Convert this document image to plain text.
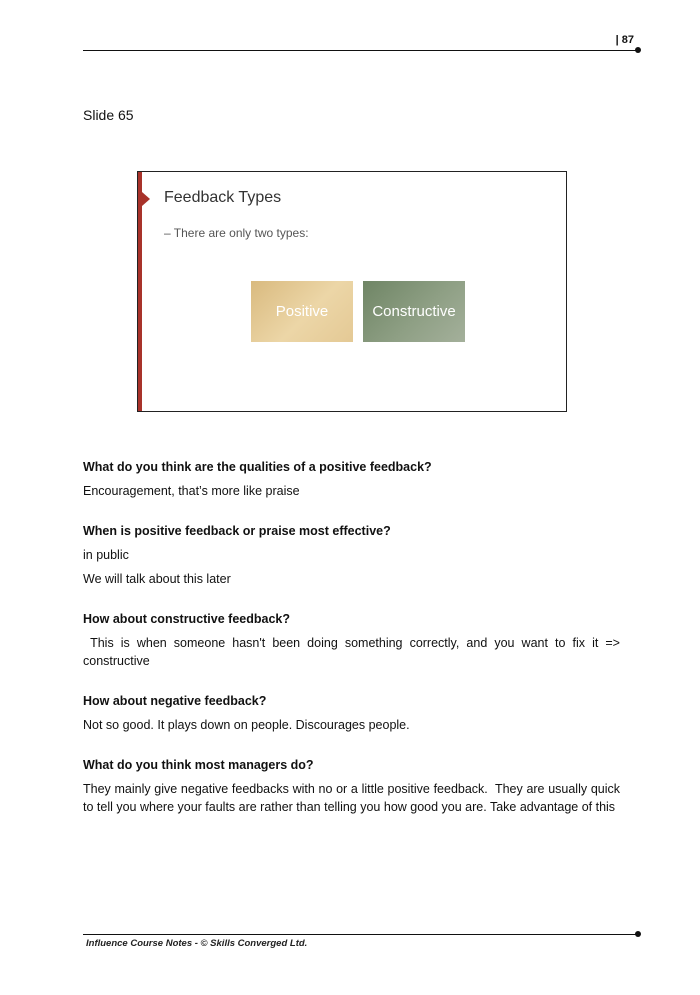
| 87
Slide 65
Feedback Types
– There are only two types:
Positive	Constructive
What do you think are the qualities of a positive feedback?
Encouragement, that’s more like praise
When is positive feedback or praise most effective?
in public
We will talk about this later
How about constructive feedback?
This is when someone hasn't been doing something correctly, and you want to fix it => constructive
How about negative feedback?
Not so good. It plays down on people. Discourages people.
What do you think most managers do?
They mainly give negative feedbacks with no or a little positive feedback.  They are usually quick to tell you where your faults are rather than telling you how good you are. Take advantage of this
Influence Course Notes - © Skills Converged Ltd.
